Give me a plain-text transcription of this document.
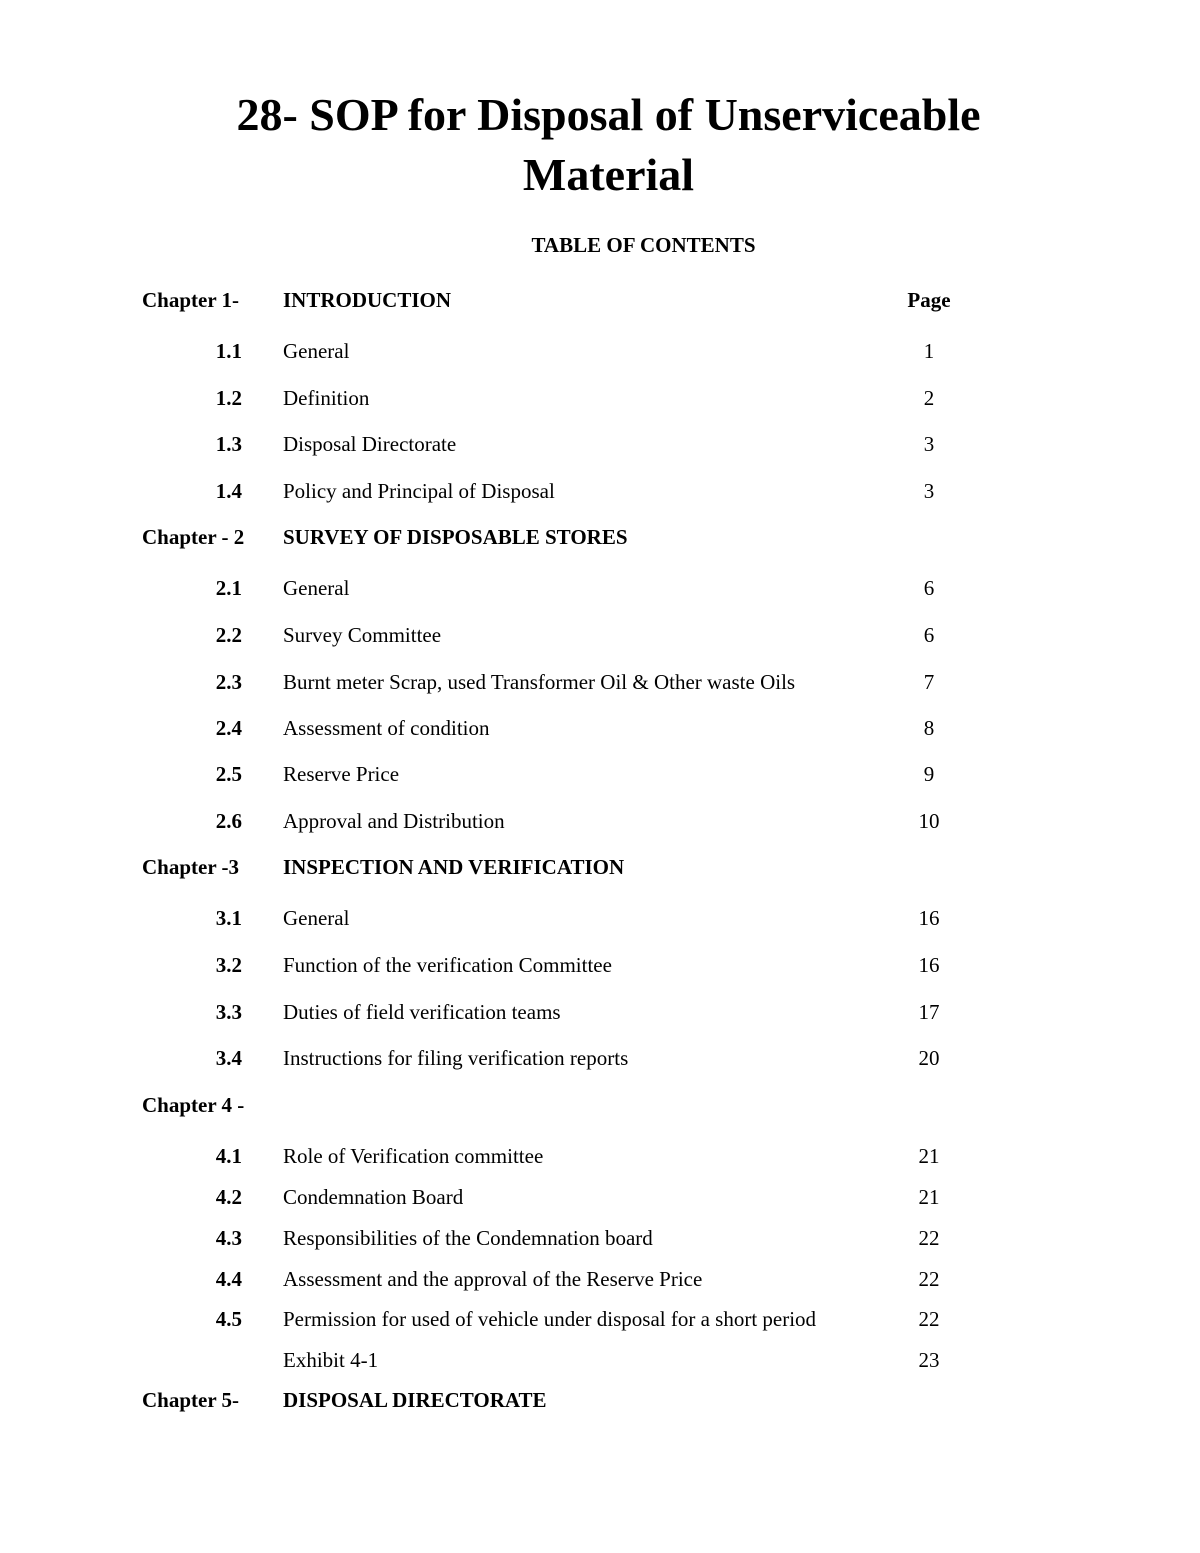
28- SOP for Disposal of Unserviceable
Material
TABLE OF CONTENTS
Chapter 1- INTRODUCTION	Page
1.1 General	1
1.2 Definition	2
1.3 Disposal Directorate	3
1.4 Policy and Principal of Disposal	3
Chapter - 2 SURVEY OF DISPOSABLE STORES
2.1 General	6
2.2 Survey Committee	6
2.3 Burnt meter Scrap, used Transformer Oil & Other waste Oils	7
2.4 Assessment of condition	8
2.5 Reserve Price	9
2.6 Approval and Distribution	10
Chapter -3 INSPECTION AND VERIFICATION
3.1 General	16
3.2 Function of the verification Committee	16
3.3 Duties of field verification teams	17
3.4 Instructions for filing verification reports	20
Chapter 4 -
4.1 Role of Verification committee	21
4.2 Condemnation Board	21
4.3 Responsibilities of the Condemnation board	22
4.4 Assessment and the approval of the Reserve Price	22
4.5 Permission for used of vehicle under disposal for a short period	22
Exhibit 4-1	23
Chapter 5- DISPOSAL DIRECTORATE
